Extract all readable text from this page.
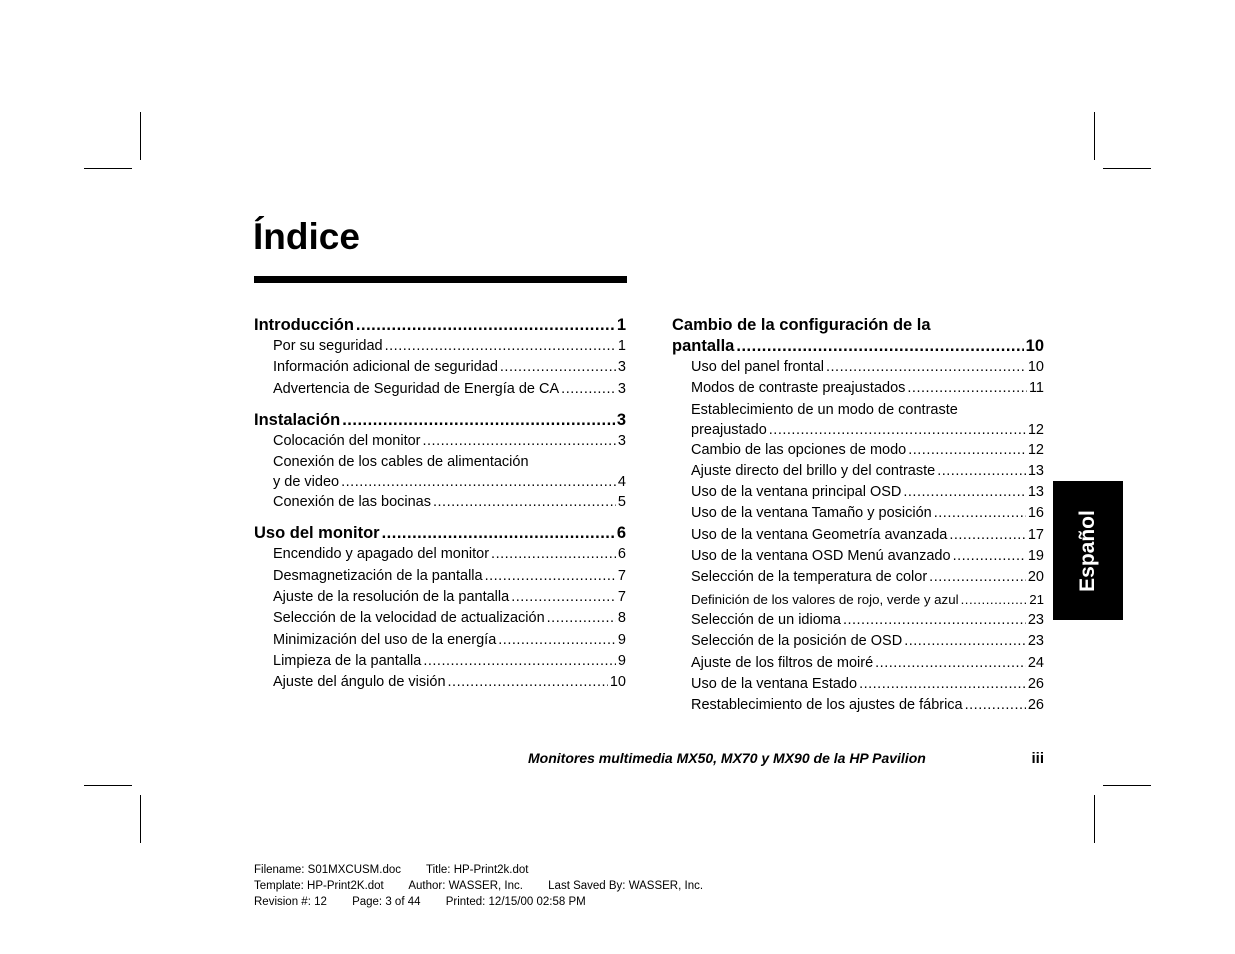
Índice
Introducción .....	1
Por su seguridad .....	1
Información adicional de seguridad .....	3
Advertencia de Seguridad de Energía de CA .....	3
Instalación .....	3
Colocación del monitor .....	3
Conexión de los cables de alimentación
y de video .....	4
Conexión de las bocinas .....	5
Uso del monitor .....	6
Encendido y apagado del monitor .....	6
Desmagnetización de la pantalla .....	7
Ajuste de la resolución de la pantalla .....	7
Selección de la velocidad de actualización .....	8
Minimización del uso de la energía .....	9
Limpieza de la pantalla .....	9
Ajuste del ángulo de visión .....	10
Cambio de la configuración de la
pantalla .....	10
Uso del panel frontal .....	10
Modos de contraste preajustados .....	11
Establecimiento de un modo de contraste
preajustado .....	12
Cambio de las opciones de modo .....	12
Ajuste directo del brillo y del contraste .....	13
Uso de la ventana principal OSD .....	13
Uso de la ventana Tamaño y posición .....	16
Uso de la ventana Geometría avanzada .....	17
Uso de la ventana OSD Menú avanzado .....	19
Selección de la temperatura de color .....	20
Definición de los valores de rojo, verde y azul .....	21
Selección de un idioma .....	23
Selección de la posición de OSD .....	23
Ajuste de los filtros de moiré .....	24
Uso de la ventana Estado .....	26
Restablecimiento de los ajustes de fábrica .....	26
Español
Monitores multimedia MX50, MX70 y MX90 de la HP Pavilion	iii
Filename: S01MXCUSM.doc Title: HP-Print2k.dot
Template: HP-Print2K.dot Author: WASSER, Inc. Last Saved By: WASSER, Inc.
Revision #: 12 Page: 3 of 44 Printed: 12/15/00 02:58 PM
